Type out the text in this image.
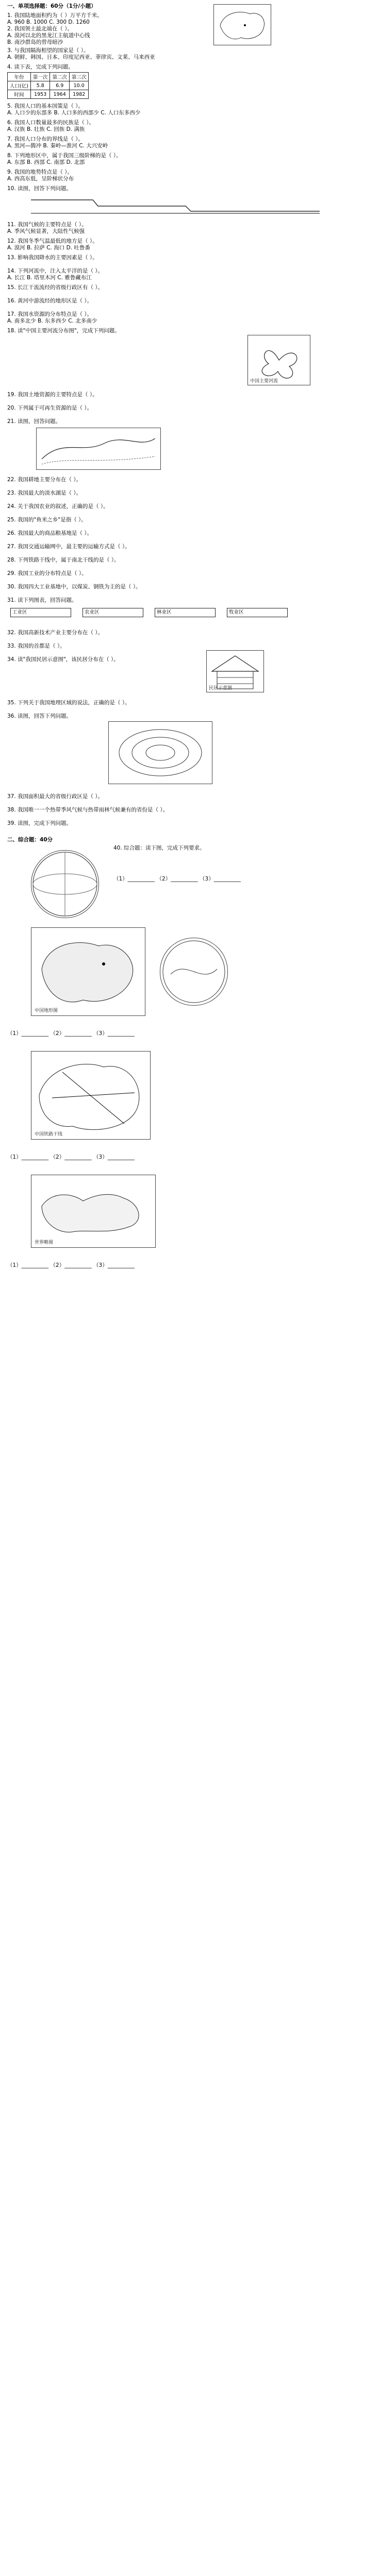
一、单项选择题：60分（1分/小题）
1. 我国陆地面积约为（ ）万平方千米。
A. 960 B. 1000 C. 300 D. 1260
2. 我国领土最北端在（ ）。
A. 漠河以北的黑龙江主航道中心线
B. 南沙群岛的曾母暗沙
3. 与我国隔海相望的国家是（ ）。
A. 朝鲜、韩国、日本、印度尼西亚、菲律宾、文莱、马来西亚
4. 读下表，完成下列问题。
年份	第一次	第二次	第三次
人口(亿)	5.8	6.9	10.0
时间	1953	1964	1982
5. 我国人口的基本国策是（ ）。
A. 人口少的东部多 B. 人口多的西部少 C. 人口东多西少
6. 我国人口数量最多的民族是（ ）。
A. 汉族 B. 壮族 C. 回族 D. 满族
7. 我国人口分布的界线是（ ）。
A. 黑河—腾冲 B. 秦岭—淮河 C. 大兴安岭
8. 下列地形区中，属于我国三级阶梯的是（ ）。
A. 东部 B. 西部 C. 南部 D. 北部
9. 我国的地势特点是（ ）。
A. 西高东低，呈阶梯状分布
10. 读图，回答下列问题。
11. 我国气候的主要特点是（ ）。
A. 季风气候显著，大陆性气候强
12. 我国冬季气温最低的地方是（ ）。
A. 漠河 B. 拉萨 C. 海口 D. 吐鲁番
13. 影响我国降水的主要因素是（ ）。
14. 下列河流中，注入太平洋的是（ ）。
A. 长江 B. 塔里木河 C. 雅鲁藏布江
15. 长江干流流经的省级行政区有（ ）。
16. 黄河中游流经的地形区是（ ）。
17. 我国水资源的分布特点是（ ）。
A. 南多北少 B. 东多西少 C. 北多南少
18. 读"中国主要河流分布图"，完成下列问题。
中国主要河流
19. 我国土地资源的主要特点是（ ）。
20. 下列属于可再生资源的是（ ）。
21. 读图，回答问题。
22. 我国耕地主要分布在（ ）。
23. 我国最大的淡水湖是（ ）。
24. 关于我国农业的叙述，正确的是（ ）。
25. 我国的"鱼米之乡"是指（ ）。
26. 我国最大的商品粮基地是（ ）。
27. 我国交通运输网中，最主要的运输方式是（ ）。
28. 下列铁路干线中，属于南北干线的是（ ）。
29. 我国工业的分布特点是（ ）。
30. 我国四大工业基地中，以煤炭、钢铁为主的是（ ）。
31. 读下列图表，回答问题。
工业区	农业区	林业区	牧业区
32. 我国高新技术产业主要分布在（ ）。
33. 我国的首都是（ ）。
34. 读"我国民居示意图"，该民居分布在（ ）。
民居示意图
35. 下列关于我国地理区域的说法，正确的是（ ）。
36. 读图，回答下列问题。
37. 我国面积最大的省级行政区是（ ）。
38. 我国唯一一个热带季风气候与热带雨林气候兼有的省份是（ ）。
39. 读图，完成下列问题。
二、综合题：40分
40. 综合题：读下图，完成下列要求。
（1）__________ （2）__________ （3）__________
中国地形图
（1）__________ （2）__________ （3）__________
中国铁路干线
（1）__________ （2）__________ （3）__________
世界略图
（1）__________ （2）__________ （3）__________
